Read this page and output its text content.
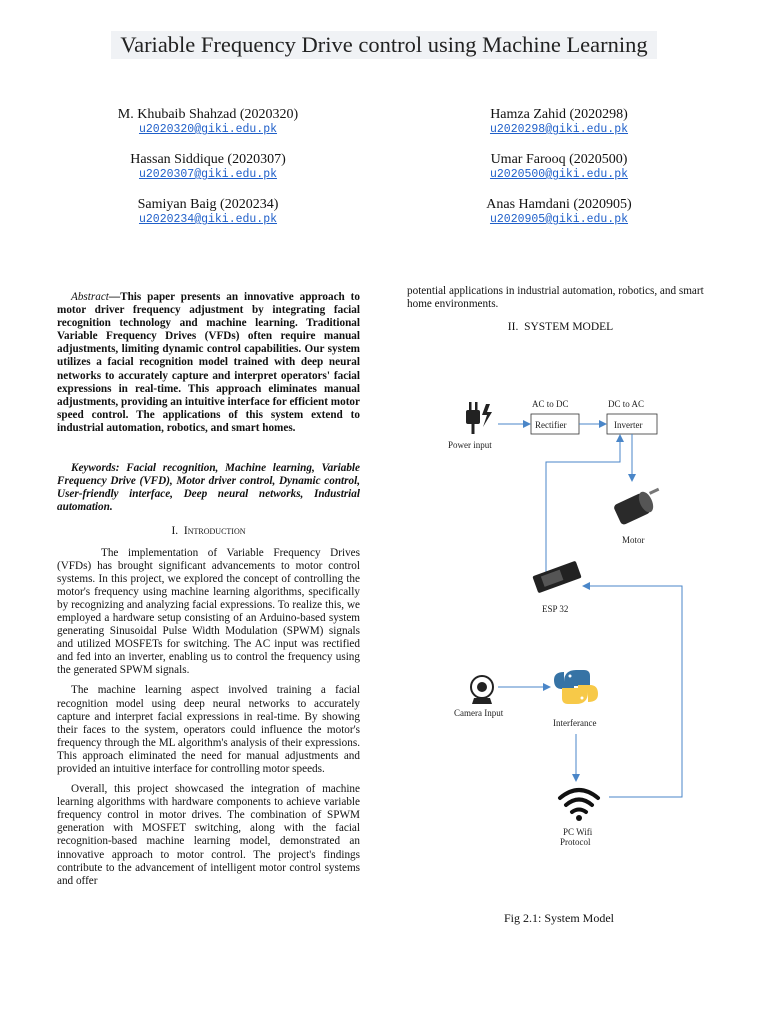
Variable Frequency Drive control using Machine Learning
M. Khubaib Shahzad (2020320)
u2020320@giki.edu.pk
Hamza Zahid (2020298)
u2020298@giki.edu.pk
Hassan Siddique (2020307)
u2020307@giki.edu.pk
Umar Farooq (2020500)
u2020500@giki.edu.pk
Samiyan Baig (2020234)
u2020234@giki.edu.pk
Anas Hamdani (2020905)
u2020905@giki.edu.pk

Abstract—This paper presents an innovative approach to motor driver frequency adjustment by integrating facial recognition technology and machine learning. Traditional Variable Frequency Drives (VFDs) often require manual adjustments, limiting dynamic control capabilities. Our system utilizes a facial recognition model trained with deep neural networks to accurately capture and interpret operators' facial expressions in real-time. This approach eliminates manual adjustments, providing an intuitive interface for efficient motor speed control. The applications of this system extend to industrial automation, robotics, and smart homes.

Keywords: Facial recognition, Machine learning, Variable Frequency Drive (VFD), Motor driver control, Dynamic control, User-friendly interface, Deep neural networks, Industrial automation.

I. Introduction

The implementation of Variable Frequency Drives (VFDs) has brought significant advancements to motor control systems. In this project, we explored the concept of controlling the motor's frequency using machine learning algorithms, specifically by recognizing and analyzing facial expressions. To realize this, we employed a hardware setup consisting of an Arduino-based system generating Sinusoidal Pulse Width Modulation (SPWM) signals and utilized MOSFETs for switching. The AC input was rectified and fed into an inverter, enabling us to control the frequency using the generated SPWM signals.

The machine learning aspect involved training a facial recognition model using deep neural networks to accurately capture and interpret facial expressions in real-time. By showing their faces to the system, operators could influence the motor's frequency through the ML algorithm's analysis of their expressions. This approach eliminated the need for manual adjustments and provided an intuitive interface for controlling motor speeds.

Overall, this project showcased the integration of machine learning algorithms with hardware components to achieve variable frequency control in motor drives. The combination of SPWM generation with MOSFET switching, along with the facial recognition-based machine learning model, demonstrated an innovative approach to motor control. The project's findings contribute to the advancement of intelligent motor control systems and offer

potential applications in industrial automation, robotics, and smart home environments.

II. SYSTEM MODEL

Power input
AC to DC	DC to AC
Rectifier	Inverter
Motor
ESP 32
Camera Input
Interferance
PC Wifi
Protocol
Fig 2.1: System Model
